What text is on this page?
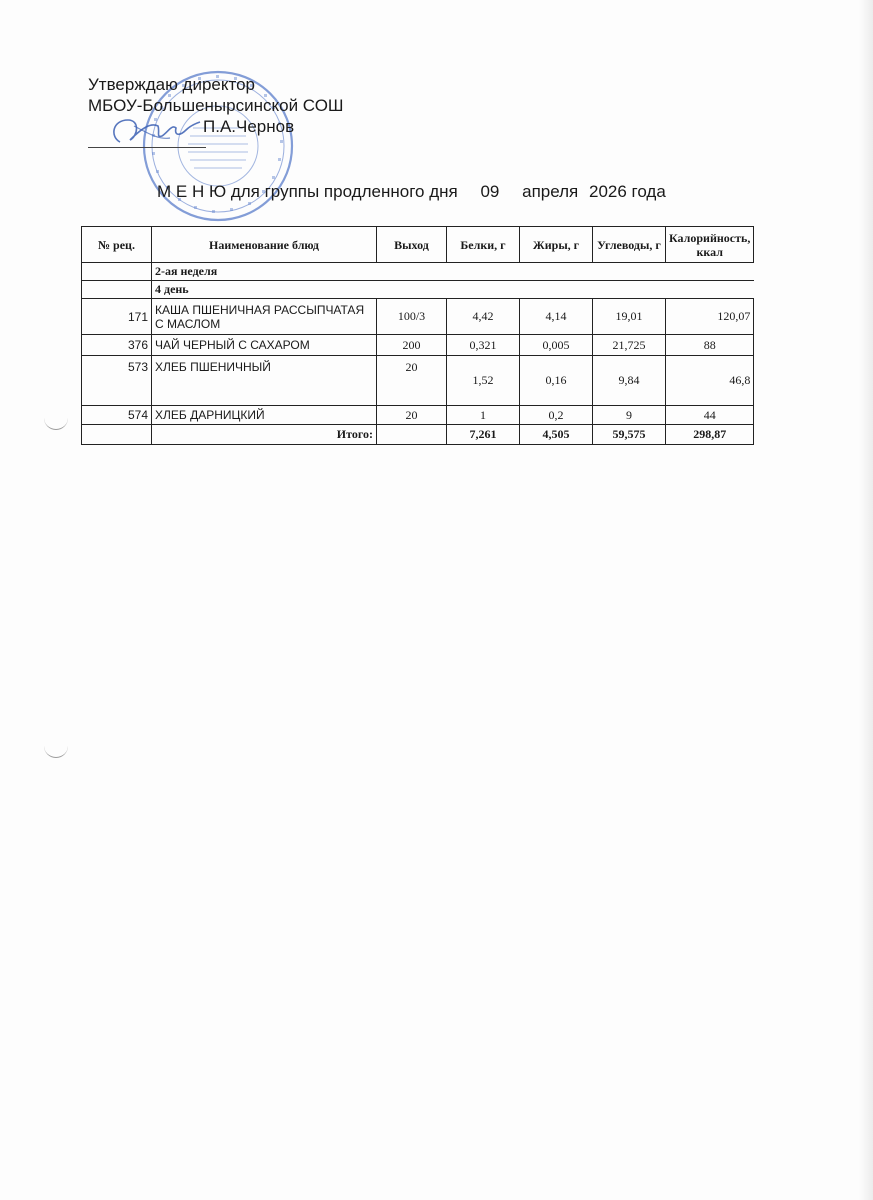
Утверждаю директор
МБОУ-Большенырсинской СОШ
П.А.Чернов
М Е Н Ю для группы продленного дня 09 апреля 2026 года
№ рец.	Наименование блюд	Выход	Белки, г	Жиры, г	Углеводы, г	Калорийность, ккал
	2-ая неделя					
	4 день					
171	КАША ПШЕНИЧНАЯ РАССЫПЧАТАЯ С МАСЛОМ	100/3	4,42	4,14	19,01	120,07
376	ЧАЙ ЧЕРНЫЙ С САХАРОМ	200	0,321	0,005	21,725	88
573	ХЛЕБ ПШЕНИЧНЫЙ	20	1,52	0,16	9,84	46,8
574	ХЛЕБ ДАРНИЦКИЙ	20	1	0,2	9	44
	Итого:		7,261	4,505	59,575	298,87
